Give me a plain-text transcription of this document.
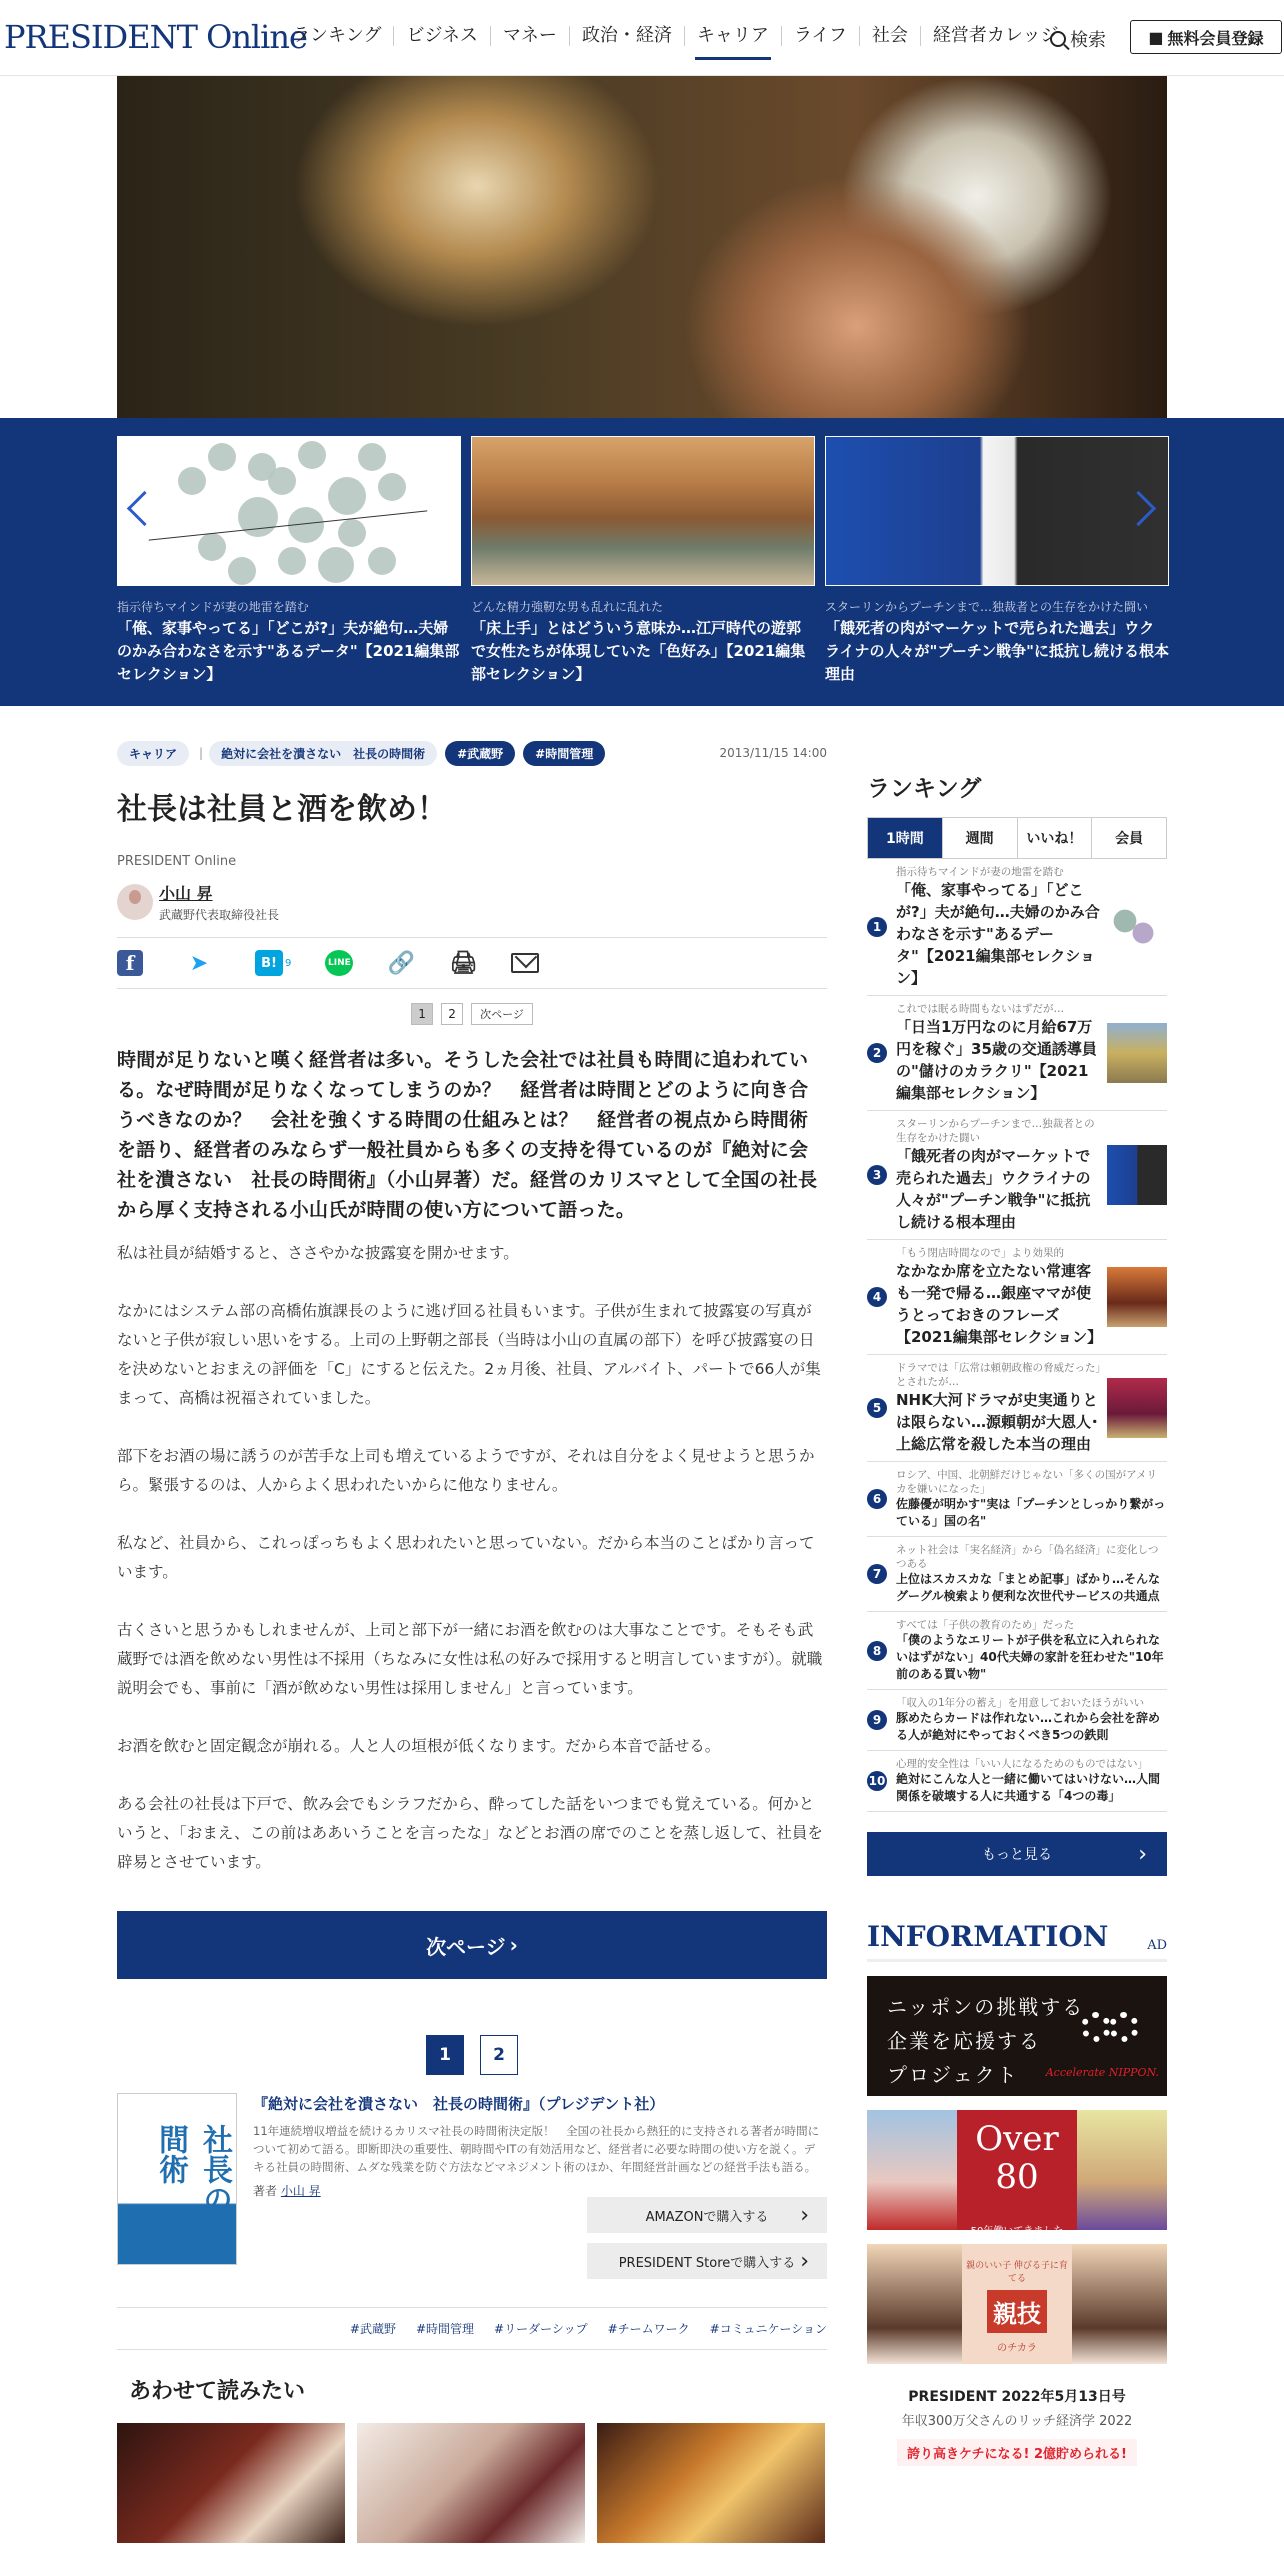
PRESIDENT Online
ランキング	ビジネス	マネー	政治・経済	キャリア	ライフ	社会	経営者カレッジ 検索	■ 無料会員登録
指示待ちマインドが妻の地雷を踏む
「俺、家事やってる」「どこが?」夫が絶句…夫婦のかみ合わなさを示す"あるデータ"【2021編集部セレクション】
どんな精力強靭な男も乱れに乱れた
「床上手」とはどういう意味か…江戸時代の遊郭で女性たちが体現していた「色好み」【2021編集部セレクション】
スターリンからプーチンまで…独裁者との生存をかけた闘い
「餓死者の肉がマーケットで売られた過去」ウクライナの人々が"プーチン戦争"に抵抗し続ける根本理由
キャリア	|	絶対に会社を潰さない　社長の時間術	#武蔵野	#時間管理	2013/11/15 14:00
社長は社員と酒を飲め！
PRESIDENT Online
小山 昇
武蔵野代表取締役社長
f	➤	B! 9	LINE 🔗 🖨
1	2	次ページ

時間が足りないと嘆く経営者は多い。そうした会社では社員も時間に追われている。なぜ時間が足りなくなってしまうのか？　経営者は時間とどのように向き合うべきなのか？　会社を強くする時間の仕組みとは？　経営者の視点から時間術を語り、経営者のみならず一般社員からも多くの支持を得ているのが『絶対に会社を潰さない　社長の時間術』（小山昇著）だ。経営のカリスマとして全国の社長から厚く支持される小山氏が時間の使い方について語った。

私は社員が結婚すると、ささやかな披露宴を開かせます。

なかにはシステム部の高橋佑旗課長のように逃げ回る社員もいます。子供が生まれて披露宴の写真がないと子供が寂しい思いをする。上司の上野朝之部長（当時は小山の直属の部下）を呼び披露宴の日を決めないとおまえの評価を「C」にすると伝えた。2ヵ月後、社員、アルバイト、パートで66人が集まって、高橋は祝福されていました。

部下をお酒の場に誘うのが苦手な上司も増えているようですが、それは自分をよく見せようと思うから。緊張するのは、人からよく思われたいからに他なりません。

私など、社員から、これっぽっちもよく思われたいと思っていない。だから本当のことばかり言っています。

古くさいと思うかもしれませんが、上司と部下が一緒にお酒を飲むのは大事なことです。そもそも武蔵野では酒を飲めない男性は不採用（ちなみに女性は私の好みで採用すると明言していますが）。就職説明会でも、事前に「酒が飲めない男性は採用しません」と言っています。

お酒を飲むと固定観念が崩れる。人と人の垣根が低くなります。だから本音で話せる。

ある会社の社長は下戸で、飲み会でもシラフだから、酔ってした話をいつまでも覚えている。何かというと、「おまえ、この前はああいうことを言ったな」などとお酒の席でのことを蒸し返して、社員を辟易とさせています。

次ページ ›
1	2
社長の時間術
『絶対に会社を潰さない　社長の時間術』（プレジデント社）
11年連続増収増益を続けるカリスマ社長の時間術決定版！　全国の社長から熱狂的に支持される著者が時間について初めて語る。即断即決の重要性、朝時間やITの有効活用など、経営者に必要な時間の使い方を説く。デキる社員の時間術、ムダな残業を防ぐ方法などマネジメント術のほか、年間経営計画などの経営手法も語る。
著者 小山 昇
AMAZONで購入する ›
PRESIDENT Storeで購入する ›
#武蔵野 #時間管理 #リーダーシップ #チームワーク #コミュニケーション
あわせて読みたい
ランキング
1時間	週間	いいね！	会員
1
指示待ちマインドが妻の地雷を踏む
「俺、家事やってる」「どこが?」夫が絶句…夫婦のかみ合わなさを示す"あるデータ"【2021編集部セレクション】
2
これでは眠る時間もないはずだが…
「日当1万円なのに月給67万円を稼ぐ」35歳の交通誘導員の"儲けのカラクリ"【2021編集部セレクション】
3
スターリンからプーチンまで…独裁者との生存をかけた闘い
「餓死者の肉がマーケットで売られた過去」ウクライナの人々が"プーチン戦争"に抵抗し続ける根本理由
4
「もう閉店時間なので」より効果的
なかなか席を立たない常連客も一発で帰る…銀座ママが使うとっておきのフレーズ【2021編集部セレクション】
5
ドラマでは「広常は頼朝政権の脅威だった」とされたが…
NHK大河ドラマが史実通りとは限らない…源頼朝が大恩人･上総広常を殺した本当の理由
6
ロシア、中国、北朝鮮だけじゃない「多くの国がアメリカを嫌いになった」
佐藤優が明かす"実は「プーチンとしっかり繋がっている」国の名"
7
ネット社会は「実名経済」から「偽名経済」に変化しつつある
上位はスカスカな「まとめ記事」ばかり…そんなグーグル検索より便利な次世代サービスの共通点
8
すべては「子供の教育のため」だった
「僕のようなエリートが子供を私立に入れられないはずがない」40代夫婦の家計を狂わせた"10年前のある買い物"
9
「収入の1年分の蓄え」を用意しておいたほうがいい
豚めたらカードは作れない…これから会社を辞める人が絶対にやっておくべき5つの鉄則
10
心理的安全性は「いい人になるためのものではない」
絶対にこんな人と一緒に働いてはいけない…人間関係を破壊する人に共通する「4つの毒」
もっと見る ›
INFORMATION	AD
ニッポンの挑戦する
企業を応援する
プロジェクト	Accelerate NIPPON.
Over 80
50年働いてきました
親のいい子 伸びる子に育てる
親技
のチカラ
PRESIDENT 2022年5月13日号
年収300万父さんのリッチ経済学 2022
誇り高きケチになる! 2億貯められる!
